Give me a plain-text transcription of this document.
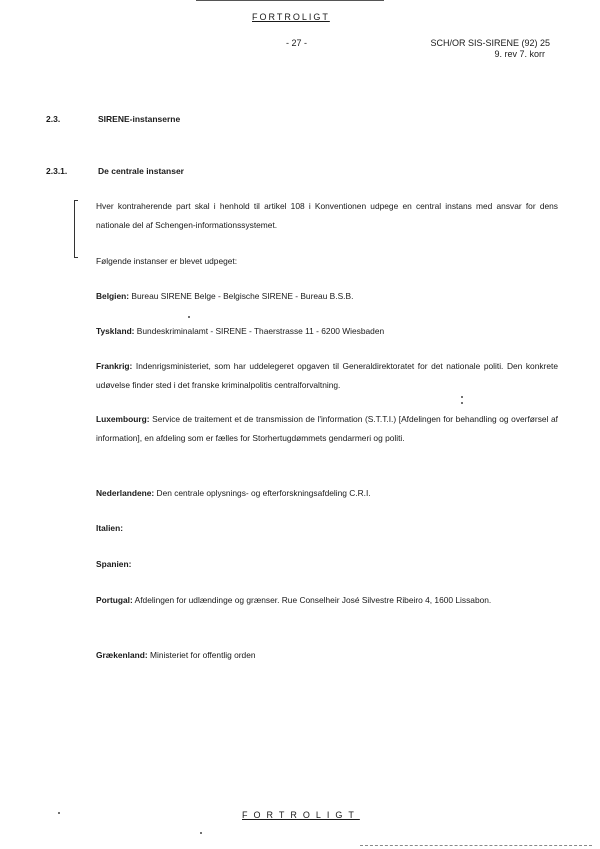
FORTROLIGT
- 27 -	SCH/OR SIS-SIRENE (92) 25
9. rev 7. korr
2.3.	SIRENE-instanserne
2.3.1.	De centrale instanser
Hver kontraherende part skal i henhold til artikel 108 i Konventionen udpege en central instans med ansvar for dens nationale del af Schengen-informationssystemet.
Følgende instanser er blevet udpeget:
Belgien: Bureau SIRENE Belge - Belgische SIRENE - Bureau B.S.B.
Tyskland: Bundeskriminalamt - SIRENE - Thaerstrasse 11 - 6200 Wiesbaden
Frankrig: Indenrigsministeriet, som har uddelegeret opgaven til Generaldirektoratet for det nationale politi. Den konkrete udøvelse finder sted i det franske kriminalpolitis centralforvaltning.
Luxembourg: Service de traitement et de transmission de l'information (S.T.T.I.) [Afdelingen for behandling og overførsel af information], en afdeling som er fælles for Storhertugdømmets gendarmeri og politi.
Nederlandene: Den centrale oplysnings- og efterforskningsafdeling C.R.I.
Italien:
Spanien:
Portugal: Afdelingen for udlændinge og grænser. Rue Conselheir José Silvestre Ribeiro 4, 1600 Lissabon.
Grækenland: Ministeriet for offentlig orden
FORTROLIGT
